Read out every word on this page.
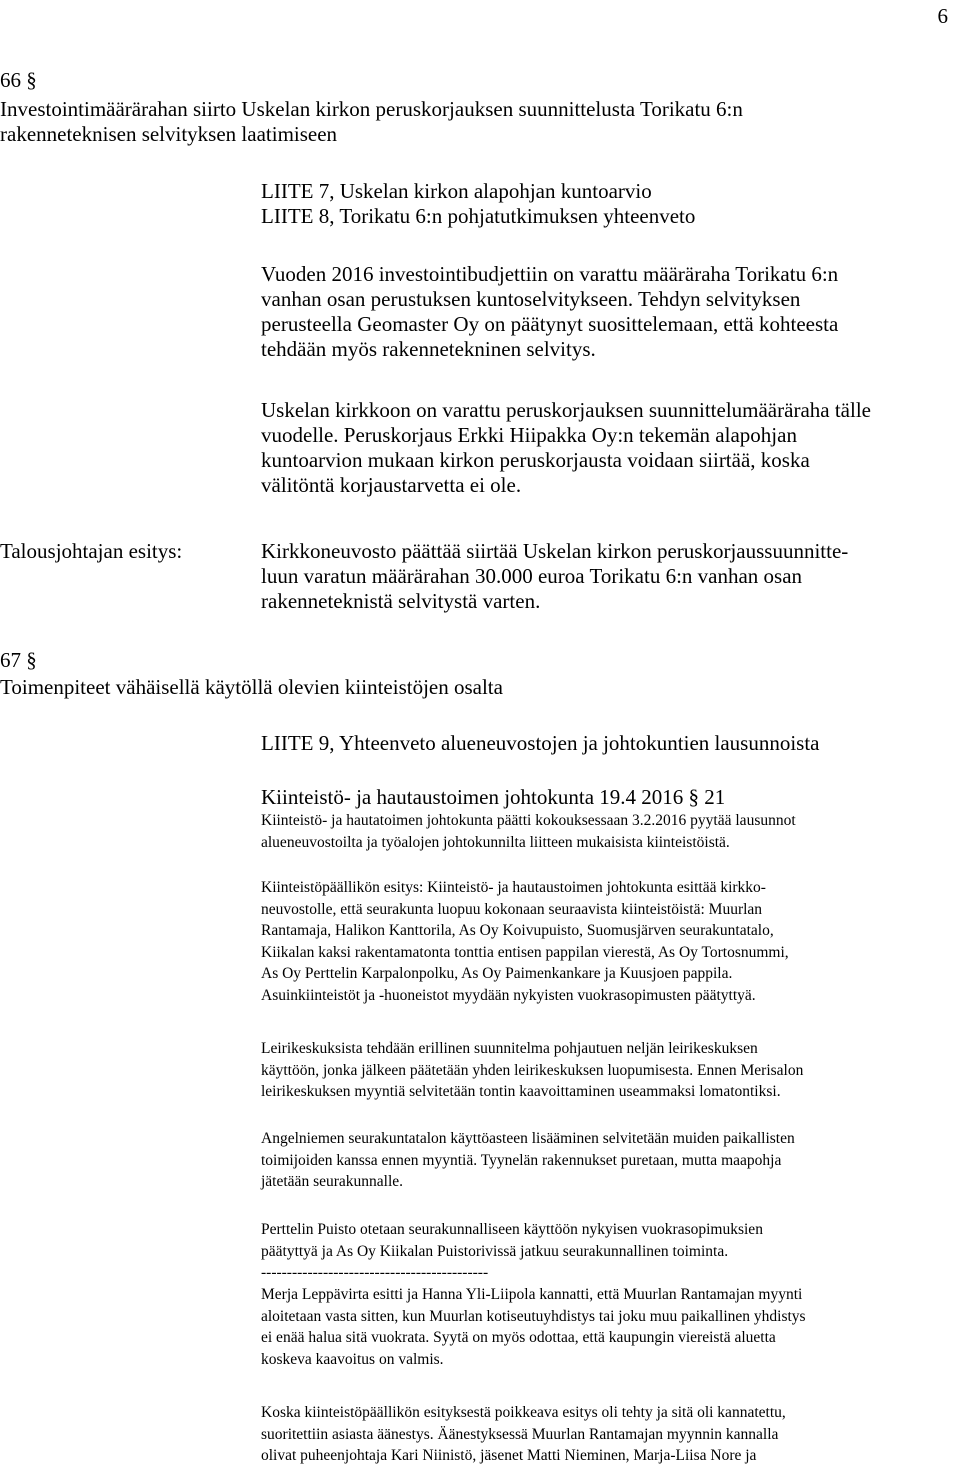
6
66 §
Investointimäärärahan siirto Uskelan kirkon peruskorjauksen suunnittelusta Torikatu 6:n
rakenneteknisen selvityksen laatimiseen
LIITE 7, Uskelan kirkon alapohjan kuntoarvio
LIITE 8, Torikatu 6:n pohjatutkimuksen yhteenveto
Vuoden 2016 investointibudjettiin on varattu määräraha Torikatu 6:n
vanhan osan perustuksen kuntoselvitykseen. Tehdyn selvityksen
perusteella Geomaster Oy on päätynyt suosittelemaan, että kohteesta
tehdään myös rakennetekninen selvitys.
Uskelan kirkkoon on varattu peruskorjauksen suunnittelumääräraha tälle
vuodelle. Peruskorjaus Erkki Hiipakka Oy:n tekemän alapohjan
kuntoarvion mukaan kirkon peruskorjausta voidaan siirtää, koska
välitöntä korjaustarvetta ei ole.
Talousjohtajan esitys:	Kirkkoneuvosto päättää siirtää Uskelan kirkon peruskorjaussuunnitte-
luun varatun määrärahan 30.000 euroa Torikatu 6:n vanhan osan
rakenneteknistä selvitystä varten.
67 §
Toimenpiteet vähäisellä käytöllä olevien kiinteistöjen osalta
LIITE 9, Yhteenveto alueneuvostojen ja johtokuntien lausunnoista
Kiinteistö- ja hautaustoimen johtokunta 19.4 2016 § 21
Kiinteistö- ja hautatoimen johtokunta päätti kokouksessaan 3.2.2016 pyytää lausunnot
alueneuvostoilta ja työalojen johtokunnilta liitteen mukaisista kiinteistöistä.
Kiinteistöpäällikön esitys: Kiinteistö- ja hautaustoimen johtokunta esittää kirkko-
neuvostolle, että seurakunta luopuu kokonaan seuraavista kiinteistöistä: Muurlan
Rantamaja, Halikon Kanttorila, As Oy Koivupuisto, Suomusjärven seurakuntatalo,
Kiikalan kaksi rakentamatonta tonttia entisen pappilan vierestä, As Oy Tortosnummi,
As Oy Perttelin Karpalonpolku, As Oy Paimenkankare ja Kuusjoen pappila.
Asuinkiinteistöt ja -huoneistot myydään nykyisten vuokrasopimusten päätyttyä.
Leirikeskuksista tehdään erillinen suunnitelma pohjautuen neljän leirikeskuksen
käyttöön, jonka jälkeen päätetään yhden leirikeskuksen luopumisesta. Ennen Merisalon
leirikeskuksen myyntiä selvitetään tontin kaavoittaminen useammaksi lomatontiksi.
Angelniemen seurakuntatalon käyttöasteen lisääminen selvitetään muiden paikallisten
toimijoiden kanssa ennen myyntiä. Tyynelän rakennukset puretaan, mutta maapohja
jätetään seurakunnalle.
Perttelin Puisto otetaan seurakunnalliseen käyttöön nykyisen vuokrasopimuksien
päätyttyä ja As Oy Kiikalan Puistorivissä jatkuu seurakunnallinen toiminta.
--------------------------------------------
Merja Leppävirta esitti ja Hanna Yli-Liipola kannatti, että Muurlan Rantamajan myynti
aloitetaan vasta sitten, kun Muurlan kotiseutuyhdistys tai joku muu paikallinen yhdistys
ei enää halua sitä vuokrata. Syytä on myös odottaa, että kaupungin viereistä aluetta
koskeva kaavoitus on valmis.
Koska kiinteistöpäällikön esityksestä poikkeava esitys oli tehty ja sitä oli kannatettu,
suoritettiin asiasta äänestys. Äänestyksessä Muurlan Rantamajan myynnin kannalla
olivat puheenjohtaja Kari Niinistö, jäsenet Matti Nieminen, Marja-Liisa Nore ja
